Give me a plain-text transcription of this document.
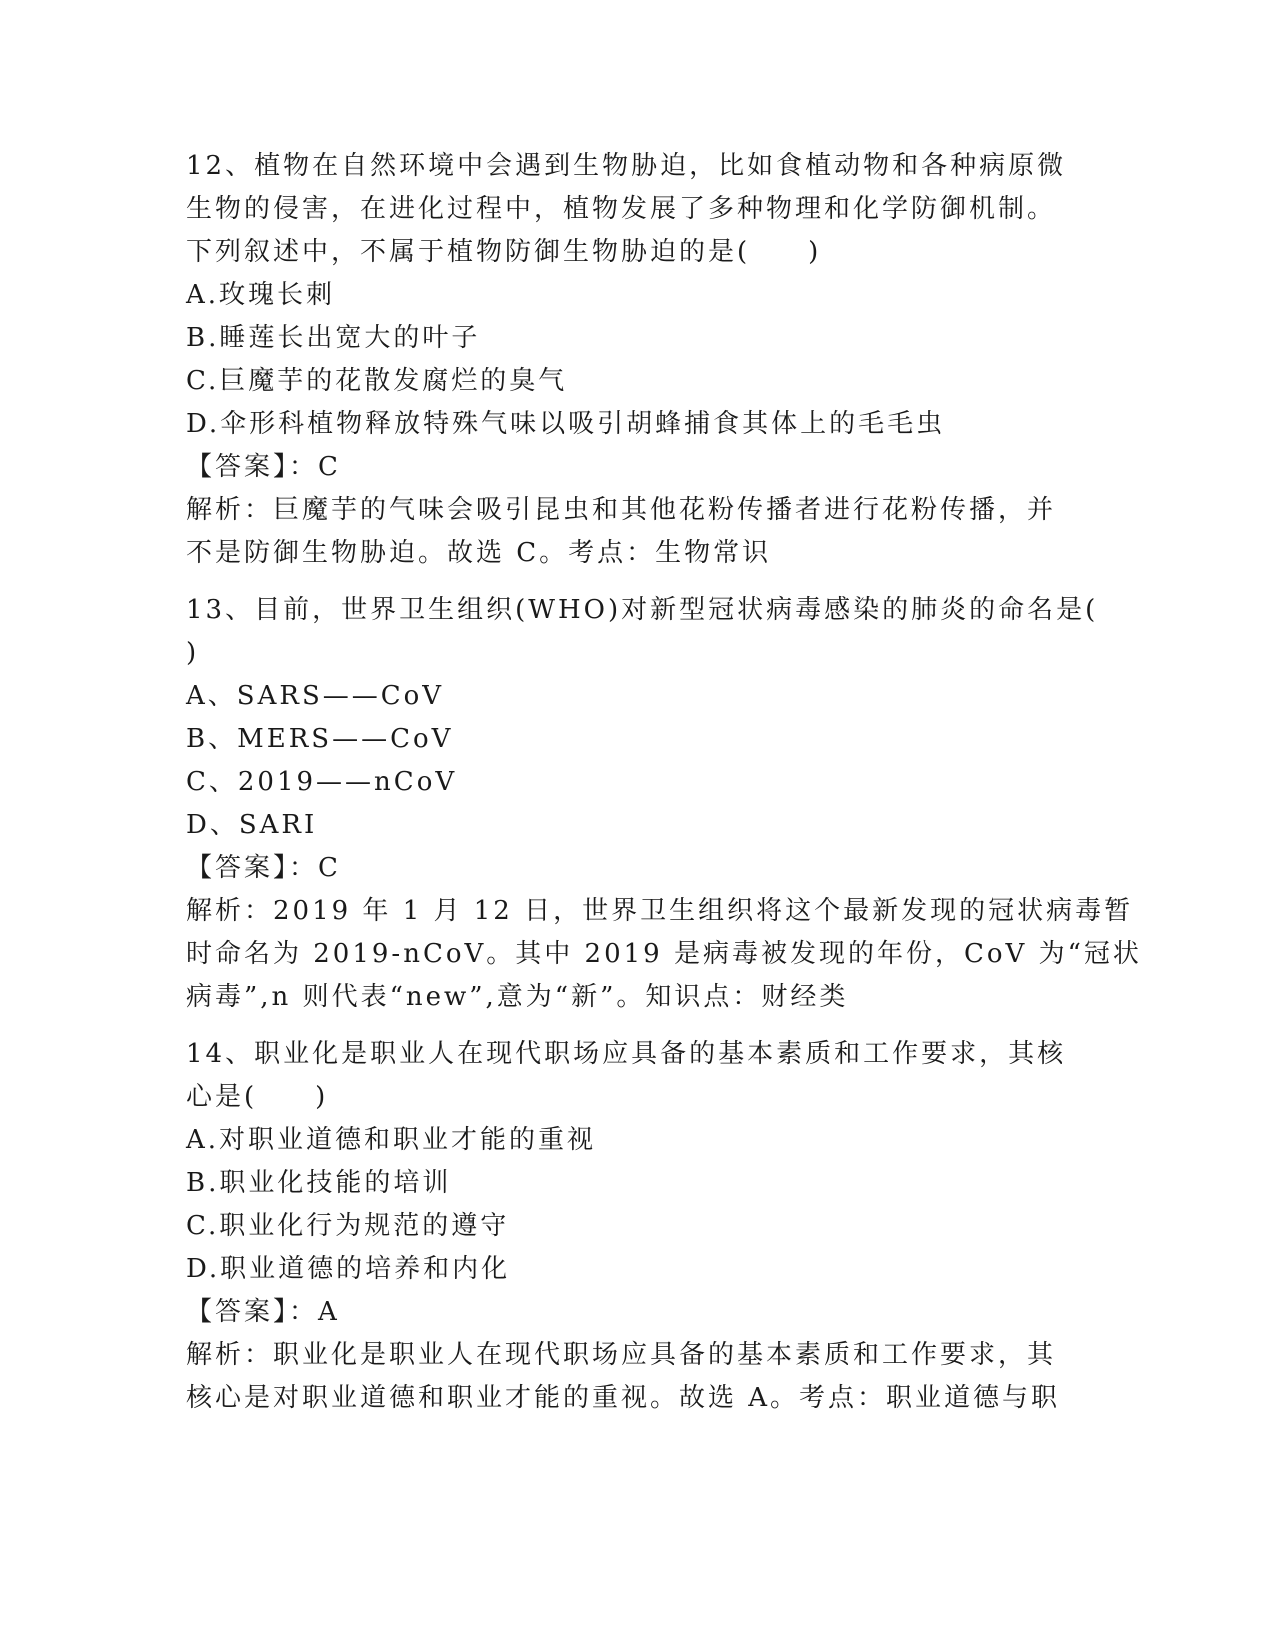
12、植物在自然环境中会遇到生物胁迫，比如食植动物和各种病原微
生物的侵害，在进化过程中，植物发展了多种物理和化学防御机制。
下列叙述中，不属于植物防御生物胁迫的是(　　)
A.玫瑰长刺
B.睡莲长出宽大的叶子
C.巨魔芋的花散发腐烂的臭气
D.伞形科植物释放特殊气味以吸引胡蜂捕食其体上的毛毛虫
【答案】：C
解析：巨魔芋的气味会吸引昆虫和其他花粉传播者进行花粉传播，并
不是防御生物胁迫。故选 C。考点：生物常识
13、目前，世界卫生组织(WHO)对新型冠状病毒感染的肺炎的命名是(
)
A、SARS——CoV
B、MERS——CoV
C、2019——nCoV
D、SARI
【答案】：C
解析：2019 年 1 月 12 日，世界卫生组织将这个最新发现的冠状病毒暂
时命名为 2019-nCoV。其中 2019 是病毒被发现的年份，CoV 为“冠状
病毒”,n 则代表“new”,意为“新”。知识点：财经类
14、职业化是职业人在现代职场应具备的基本素质和工作要求，其核
心是(　　)
A.对职业道德和职业才能的重视
B.职业化技能的培训
C.职业化行为规范的遵守
D.职业道德的培养和内化
【答案】：A
解析：职业化是职业人在现代职场应具备的基本素质和工作要求，其
核心是对职业道德和职业才能的重视。故选 A。考点：职业道德与职
